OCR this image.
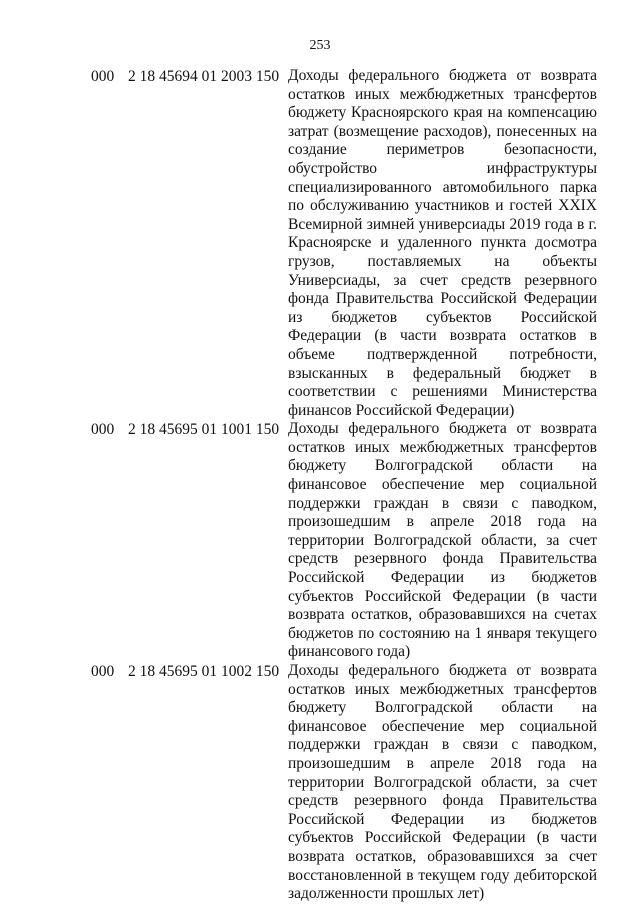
253
000 2 18 45694 01 2003 150 Доходы федерального бюджета от возврата остатков иных межбюджетных трансфертов бюджету Красноярского края на компенсацию затрат (возмещение расходов), понесенных на создание периметров безопасности, обустройство инфраструктуры специализированного автомобильного парка по обслуживанию участников и гостей XXIX Всемирной зимней универсиады 2019 года в г. Красноярске и удаленного пункта досмотра грузов, поставляемых на объекты Универсиады, за счет средств резервного фонда Правительства Российской Федерации из бюджетов субъектов Российской Федерации (в части возврата остатков в объеме подтвержденной потребности, взысканных в федеральный бюджет в соответствии с решениями Министерства финансов Российской Федерации)
000 2 18 45695 01 1001 150 Доходы федерального бюджета от возврата остатков иных межбюджетных трансфертов бюджету Волгоградской области на финансовое обеспечение мер социальной поддержки граждан в связи с паводком, произошедшим в апреле 2018 года на территории Волгоградской области, за счет средств резервного фонда Правительства Российской Федерации из бюджетов субъектов Российской Федерации (в части возврата остатков, образовавшихся на счетах бюджетов по состоянию на 1 января текущего финансового года)
000 2 18 45695 01 1002 150 Доходы федерального бюджета от возврата остатков иных межбюджетных трансфертов бюджету Волгоградской области на финансовое обеспечение мер социальной поддержки граждан в связи с паводком, произошедшим в апреле 2018 года на территории Волгоградской области, за счет средств резервного фонда Правительства Российской Федерации из бюджетов субъектов Российской Федерации (в части возврата остатков, образовавшихся за счет восстановленной в текущем году дебиторской задолженности прошлых лет)
